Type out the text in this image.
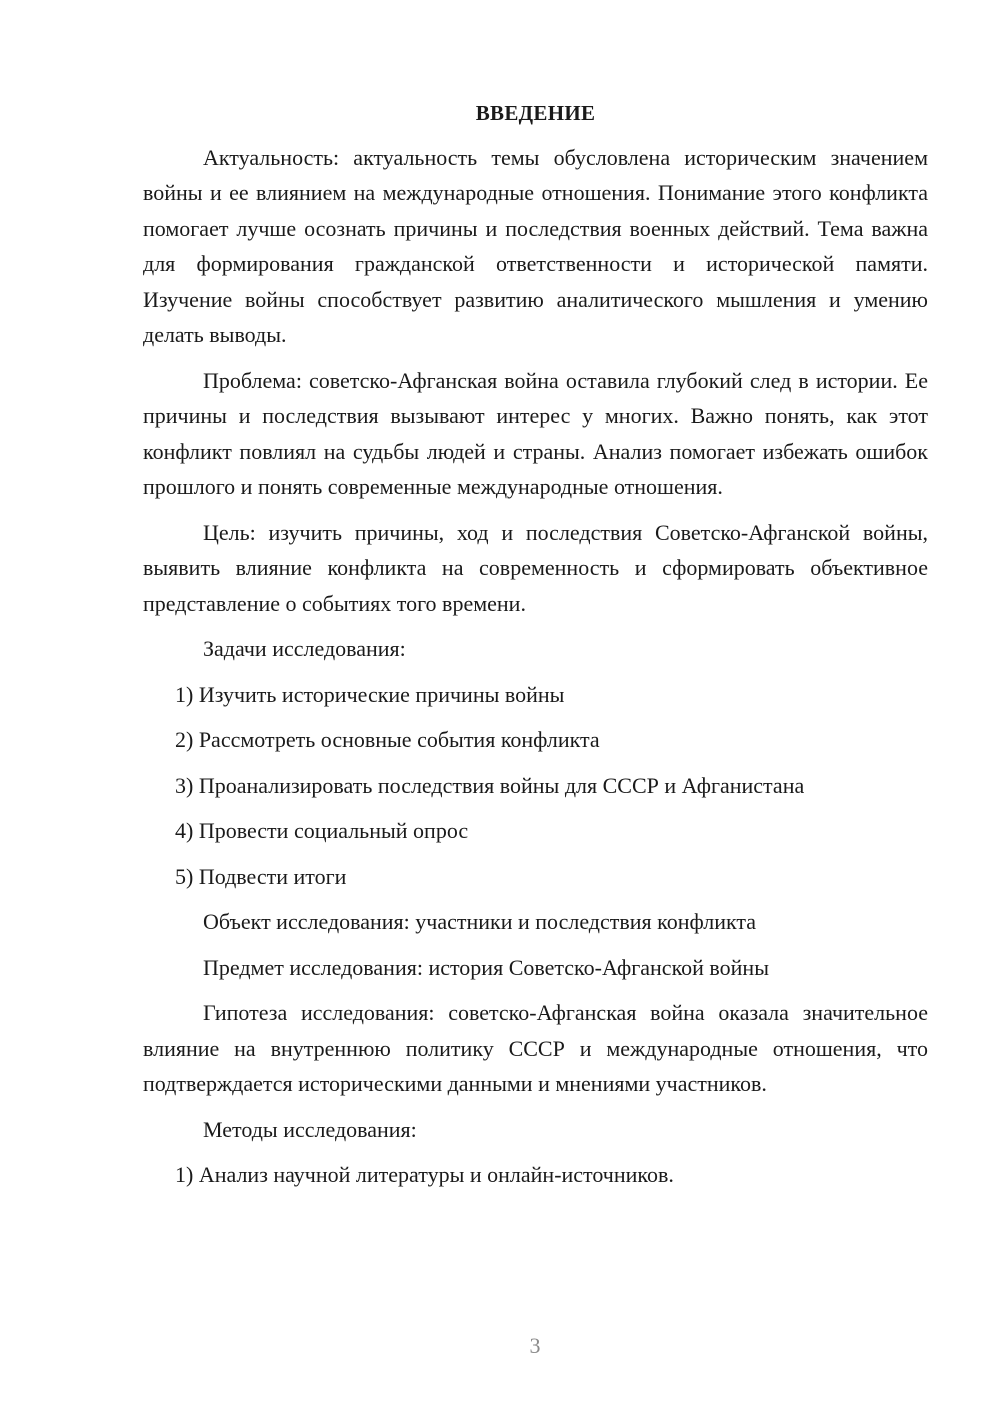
ВВЕДЕНИЕ

Актуальность: актуальность темы обусловлена историческим значением войны и ее влиянием на международные отношения. Понимание этого конфликта помогает лучше осознать причины и последствия военных действий. Тема важна для формирования гражданской ответственности и исторической памяти. Изучение войны способствует развитию аналитического мышления и умению делать выводы.

Проблема: советско-Афганская война оставила глубокий след в истории. Ее причины и последствия вызывают интерес у многих. Важно понять, как этот конфликт повлиял на судьбы людей и страны. Анализ помогает избежать ошибок прошлого и понять современные международные отношения.

Цель: изучить причины, ход и последствия Советско-Афганской войны, выявить влияние конфликта на современность и сформировать объективное представление о событиях того времени.

Задачи исследования:

1) Изучить исторические причины войны

2) Рассмотреть основные события конфликта

3) Проанализировать последствия войны для СССР и Афганистана

4) Провести социальный опрос

5) Подвести итоги

Объект исследования: участники и последствия конфликта

Предмет исследования: история Советско-Афганской войны

Гипотеза исследования: советско-Афганская война оказала значительное влияние на внутреннюю политику СССР и международные отношения, что подтверждается историческими данными и мнениями участников.

Методы исследования:

1) Анализ научной литературы и онлайн-источников.

3
